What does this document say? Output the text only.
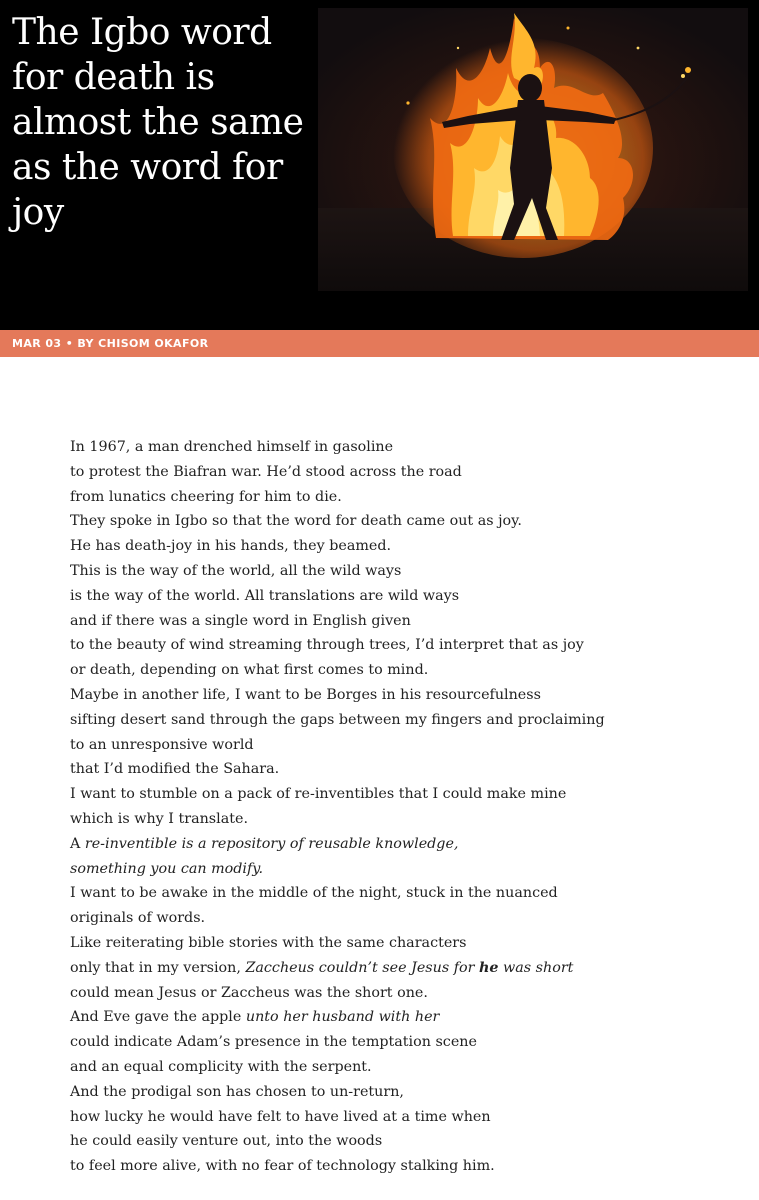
The Igbo word for death is almost the same as the word for joy
MAR 03 • BY CHISOM OKAFOR
In 1967, a man drenched himself in gasoline
to protest the Biafran war. He’d stood across the road
from lunatics cheering for him to die.
They spoke in Igbo so that the word for death came out as joy.
He has death-joy in his hands, they beamed.
This is the way of the world, all the wild ways
is the way of the world. All translations are wild ways
and if there was a single word in English given
to the beauty of wind streaming through trees, I’d interpret that as joy
or death, depending on what first comes to mind.
Maybe in another life, I want to be Borges in his resourcefulness
sifting desert sand through the gaps between my fingers and proclaiming
to an unresponsive world
that I’d modified the Sahara.
I want to stumble on a pack of re-inventibles that I could make mine
which is why I translate.
A re-inventible is a repository of reusable knowledge,
something you can modify.
I want to be awake in the middle of the night, stuck in the nuanced
originals of words.
Like reiterating bible stories with the same characters
only that in my version, Zaccheus couldn’t see Jesus for he was short
could mean Jesus or Zaccheus was the short one.
And Eve gave the apple unto her husband with her
could indicate Adam’s presence in the temptation scene
and an equal complicity with the serpent.
And the prodigal son has chosen to un-return,
how lucky he would have felt to have lived at a time when
he could easily venture out, into the woods
to feel more alive, with no fear of technology stalking him.
